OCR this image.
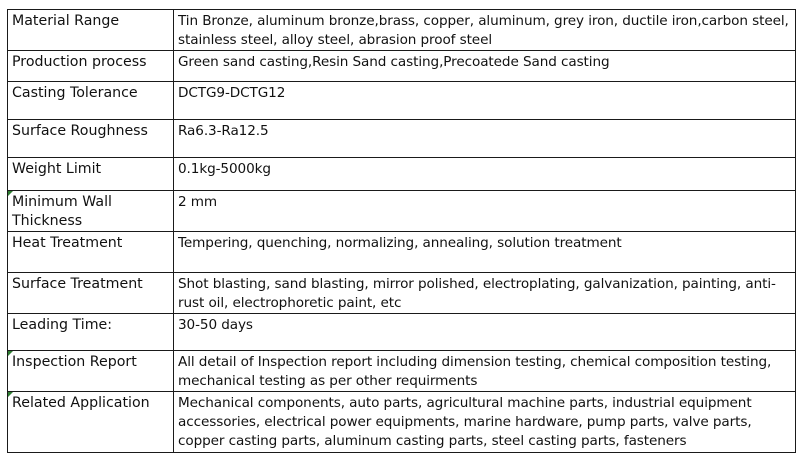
Material Range	Tin Bronze, aluminum bronze,brass, copper, aluminum, grey iron, ductile iron,carbon steel, stainless steel, alloy steel, abrasion proof steel
Production process	Green sand casting,Resin Sand casting,Precoatede Sand casting
Casting Tolerance	DCTG9-DCTG12
Surface Roughness	Ra6.3-Ra12.5
Weight Limit	0.1kg-5000kg

Minimum Wall Thickness	2 mm
Heat Treatment	Tempering, quenching, normalizing, annealing, solution treatment
Surface Treatment	Shot blasting, sand blasting, mirror polished, electroplating, galvanization, painting, anti-rust oil, electrophoretic paint, etc
Leading Time:	30-50 days

Inspection Report	All detail of Inspection report including dimension testing, chemical composition testing, mechanical testing as per other requirments

Related Application	Mechanical components, auto parts, agricultural machine parts, industrial equipment accessories, electrical power equipments, marine hardware, pump parts, valve parts, copper casting parts, aluminum casting parts, steel casting parts, fasteners
